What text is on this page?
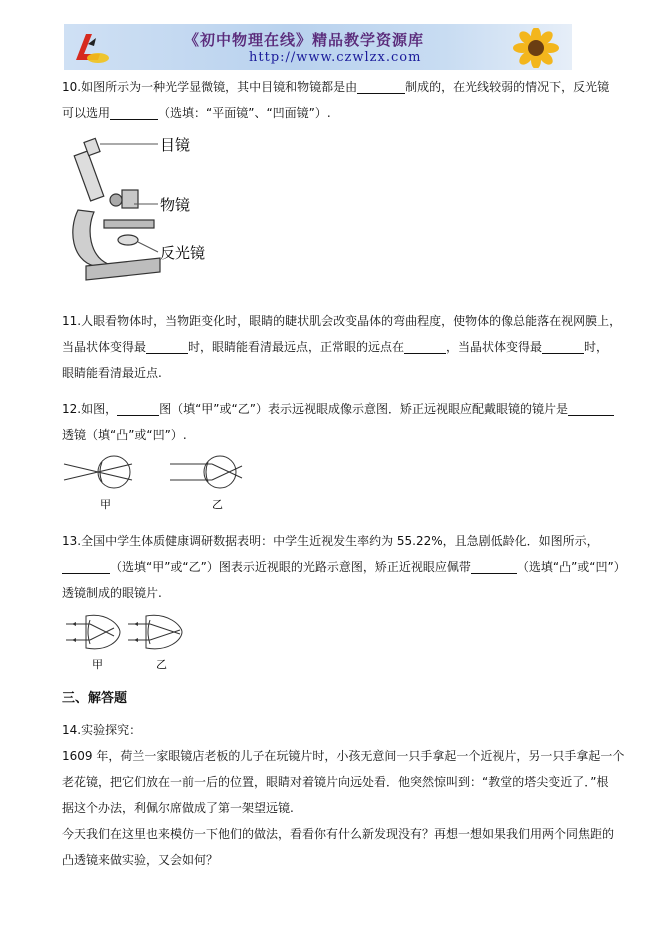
《初中物理在线》精品教学资源库
http://www.czwlzx.com
10.如图所示为一种光学显微镜，其中目镜和物镜都是由	制成的，在光线较弱的情况下，反光镜
可以选用	（选填：“平面镜”、“凹面镜”）.
目镜
物镜
反光镜
11.人眼看物体时，当物距变化时，眼睛的睫状肌会改变晶体的弯曲程度，使物体的像总能落在视网膜上，
当晶状体变得最	时，眼睛能看清最远点，正常眼的远点在	，当晶状体变得最	时，
眼睛能看清最近点.
12.如图，	图（填“甲”或“乙”）表示远视眼成像示意图．矫正远视眼应配戴眼镜的镜片是
透镜（填“凸”或“凹”）.
甲	乙
13.全国中学生体质健康调研数据表明：中学生近视发生率约为 55.22%，且急剧低龄化．如图所示，
（选填“甲”或“乙”）图表示近视眼的光路示意图，矫正近视眼应佩带	（选填“凸”或“凹”）
透镜制成的眼镜片.
甲	乙
三、解答题
14.实验探究：
1609 年，荷兰一家眼镜店老板的儿子在玩镜片时，小孩无意间一只手拿起一个近视片，另一只手拿起一个
老花镜，把它们放在一前一后的位置，眼睛对着镜片向远处看．他突然惊叫到：“教堂的塔尖变近了．”根
据这个办法，利佩尔席做成了第一架望远镜.
今天我们在这里也来模仿一下他们的做法，看看你有什么新发现没有？再想一想如果我们用两个同焦距的
凸透镜来做实验，又会如何？
